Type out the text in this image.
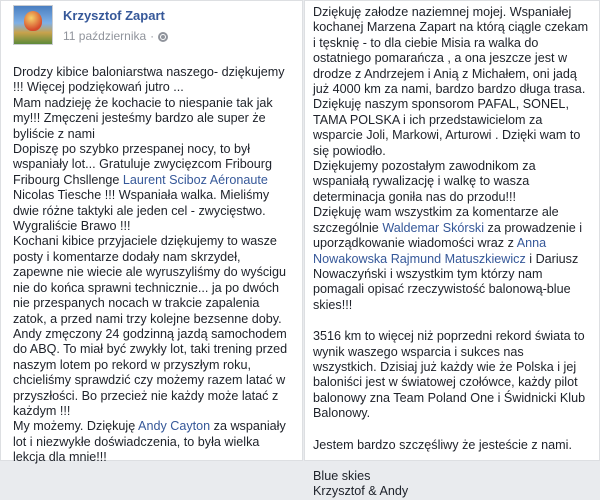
Krzysztof Zapart
11 października ·

Drodzy kibice baloniarstwa naszego- dziękujemy !!! Więcej podziękowań jutro ...

Mam nadzieję że kochacie to niespanie tak jak my!!! Zmęczeni jesteśmy bardzo ale super że byliście z nami

Dopiszę po szybko przespanej nocy, to był wspaniały lot... Gratuluje zwycięzcom Fribourg Fribourg Chsllenge Laurent Sciboz Aéronaute

Nicolas Tiesche !!! Wspaniała walka. Mieliśmy dwie różne taktyki ale jeden cel - zwycięstwo. Wygraliście Brawo !!!

Kochani kibice przyjaciele dziękujemy to wasze posty i komentarze dodały nam skrzydeł, zapewne nie wiecie ale wyruszyliśmy do wyścigu nie do końca sprawni technicznie... ja po dwóch nie przespanych nocach w trakcie zapalenia zatok, a przed nami trzy kolejne bezsenne doby.

Andy zmęczony 24 godzinną jazdą samochodem do ABQ. To miał być zwykły lot, taki trening przed naszym lotem po rekord w przyszłym roku, chcieliśmy sprawdzić czy możemy razem latać w przyszłości. Bo przecież nie każdy może latać z każdym !!!

My możemy. Dziękuję Andy Cayton za wspaniały lot i niezwykłe doświadczenia, to była wielka lekcja dla mnie!!!

Dziękuję załodze naziemnej mojej. Wspaniałej kochanej Marzena Zapart na którą ciągle czekam i tęsknię - to dla ciebie Misia ra walka do ostatniego pomarańcza , a ona jeszcze jest w drodze z Andrzejem i Anią z Michałem, oni jadą już 4000 km za nami, bardzo bardzo długa trasa.

Dziękuję naszym sponsorom PAFAL, SONEL, TAMA POLSKA i ich przedstawicielom za wsparcie Joli, Markowi, Arturowi . Dzięki wam to się powiodło.

Dziękujemy pozostałym zawodnikom za wspaniałą rywalizację i walkę to wasza determinacja goniła nas do przodu!!!

Dziękuję wam wszystkim za komentarze ale szczególnie Waldemar Skórski za prowadzenie i uporządkowanie wiadomości wraz z Anna Nowakowska Rajmund Matuszkiewicz i Dariusz Nowaczyński i wszystkim tym którzy nam pomagali opisać rzeczywistość balonową-blue skies!!!

3516 km to więcej niż poprzedni rekord świata to wynik waszego wsparcia i sukces nas wszystkich. Dzisiaj już każdy wie że Polska i jej baloniści jest w światowej czołówce, każdy pilot balonowy zna Team Poland One i Świdnicki Klub Balonowy.

Jestem bardzo szczęśliwy że jesteście z nami.

Blue skies

Krzysztof & Andy
